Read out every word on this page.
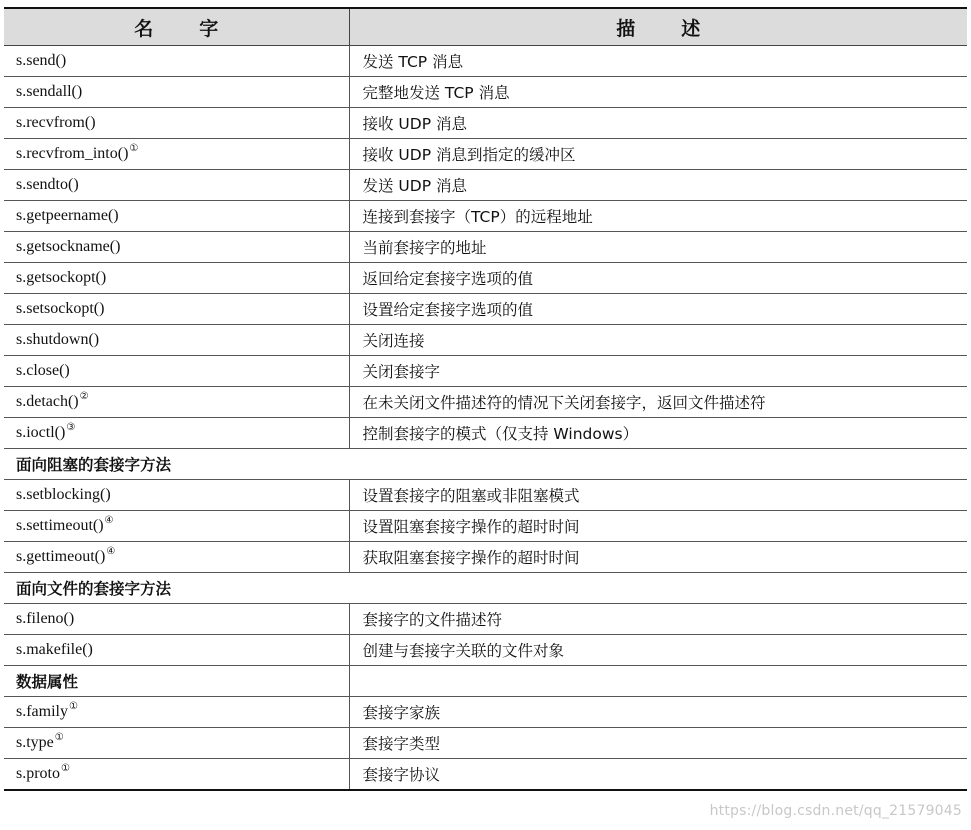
名 字	描 述
s.send()	发送 TCP 消息
s.sendall()	完整地发送 TCP 消息
s.recvfrom()	接收 UDP 消息
s.recvfrom_into()①	接收 UDP 消息到指定的缓冲区
s.sendto()	发送 UDP 消息
s.getpeername()	连接到套接字（TCP）的远程地址
s.getsockname()	当前套接字的地址
s.getsockopt()	返回给定套接字选项的值
s.setsockopt()	设置给定套接字选项的值
s.shutdown()	关闭连接
s.close()	关闭套接字
s.detach()②	在未关闭文件描述符的情况下关闭套接字，返回文件描述符
s.ioctl()③	控制套接字的模式（仅支持 Windows）
面向阻塞的套接字方法	
s.setblocking()	设置套接字的阻塞或非阻塞模式
s.settimeout()④	设置阻塞套接字操作的超时时间
s.gettimeout()④	获取阻塞套接字操作的超时时间
面向文件的套接字方法	
s.fileno()	套接字的文件描述符
s.makefile()	创建与套接字关联的文件对象
数据属性	
s.family①	套接字家族
s.type①	套接字类型
s.proto①	套接字协议
https://blog.csdn.net/qq_21579045
